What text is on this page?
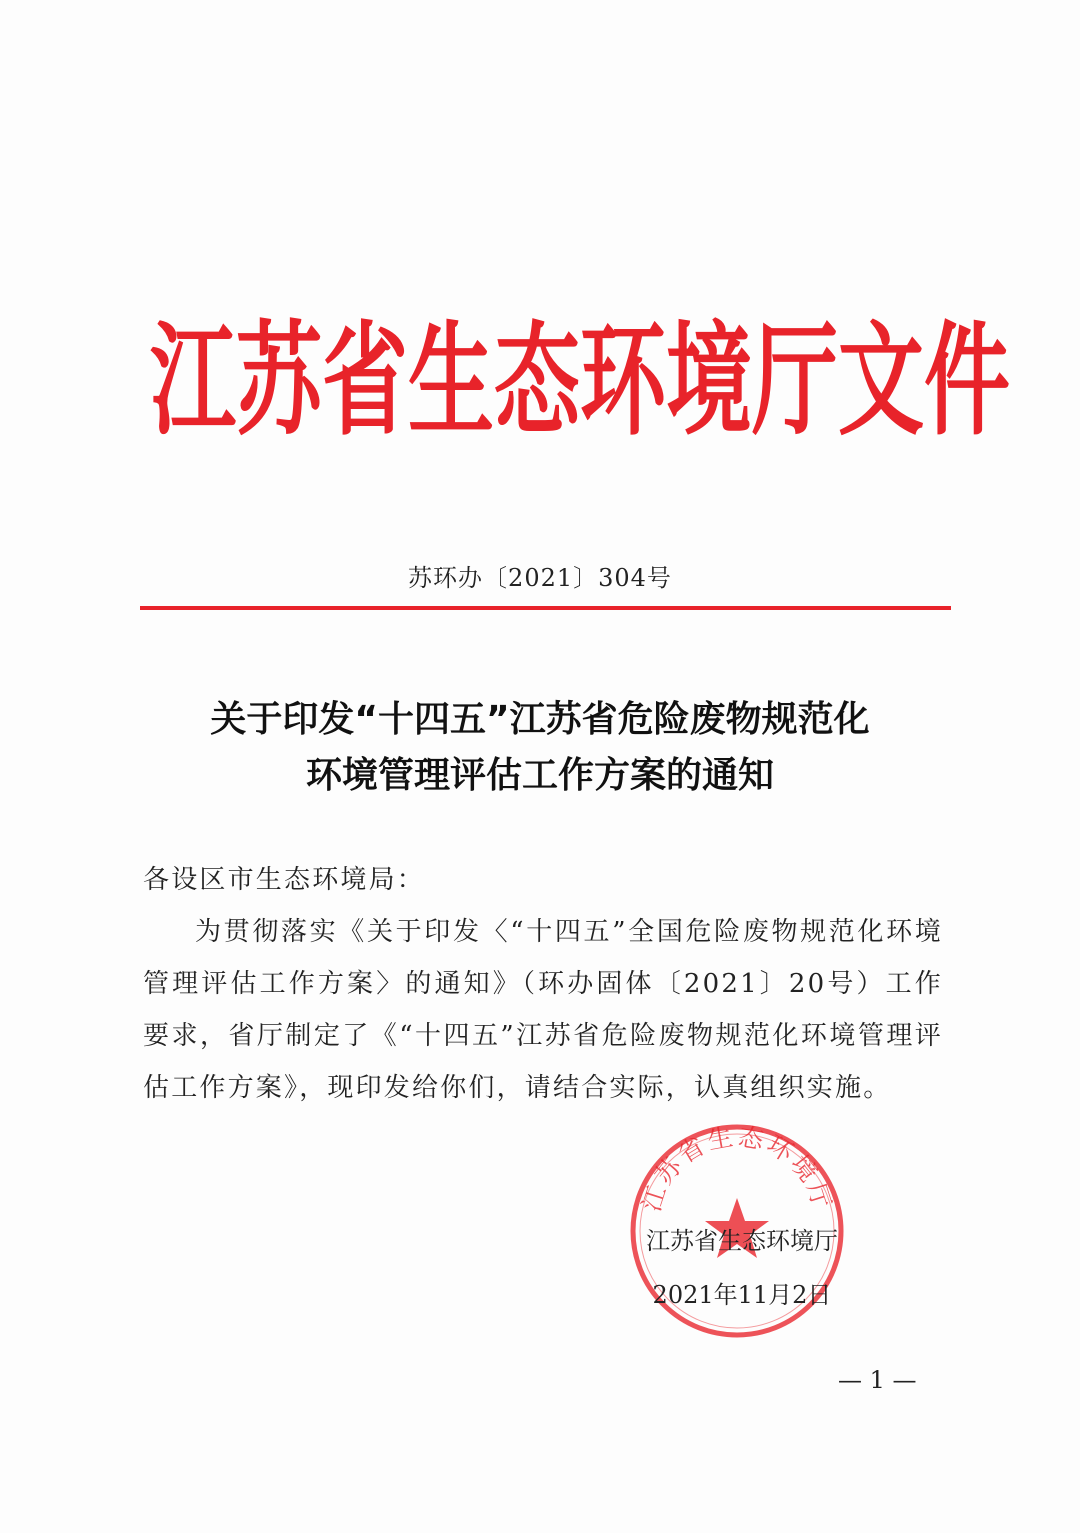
江 苏 省 生 态 环 境 厅 文 件
苏环办〔2021〕304号
关于印发“十四五”江苏省危险废物规范化
环境管理评估工作方案的通知
各设区市生态环境局：
为贯彻落实《关于印发〈“十四五”全国危险废物规范化环境管理评估工作方案〉的通知》（环办固体〔2021〕20号）工作要求，省厅制定了《“十四五”江苏省危险废物规范化环境管理评估工作方案》，现印发给你们，请结合实际，认真组织实施。
江苏省生态环境厅
江苏省生态环境厅
2021年11月2日
— 1 —
